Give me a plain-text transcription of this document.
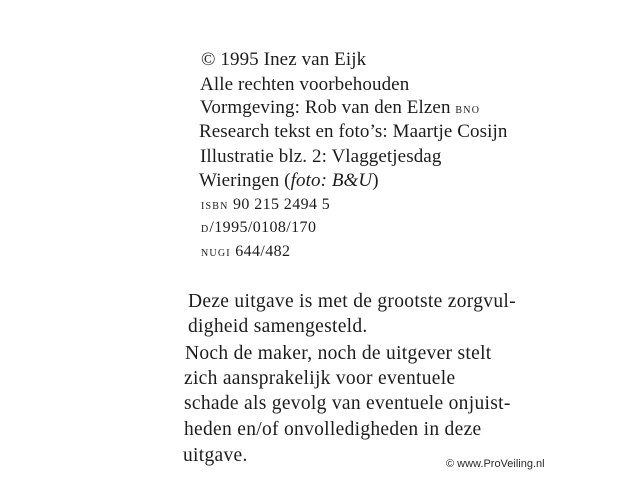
© 1995 Inez van Eijk
Alle rechten voorbehouden
Vormgeving: Rob van den Elzen bno
Research tekst en foto’s: Maartje Cosijn
Illustratie blz. 2: Vlaggetjesdag
Wieringen (foto: B&U)
isbn 90 215 2494 5
d/1995/0108/170
nugi 644/482
Deze uitgave is met de grootste zorgvul-
digheid samengesteld.
Noch de maker, noch de uitgever stelt
zich aansprakelijk voor eventuele
schade als gevolg van eventuele onjuist-
heden en/of onvolledigheden in deze
uitgave.	© www.ProVeiling.nl
